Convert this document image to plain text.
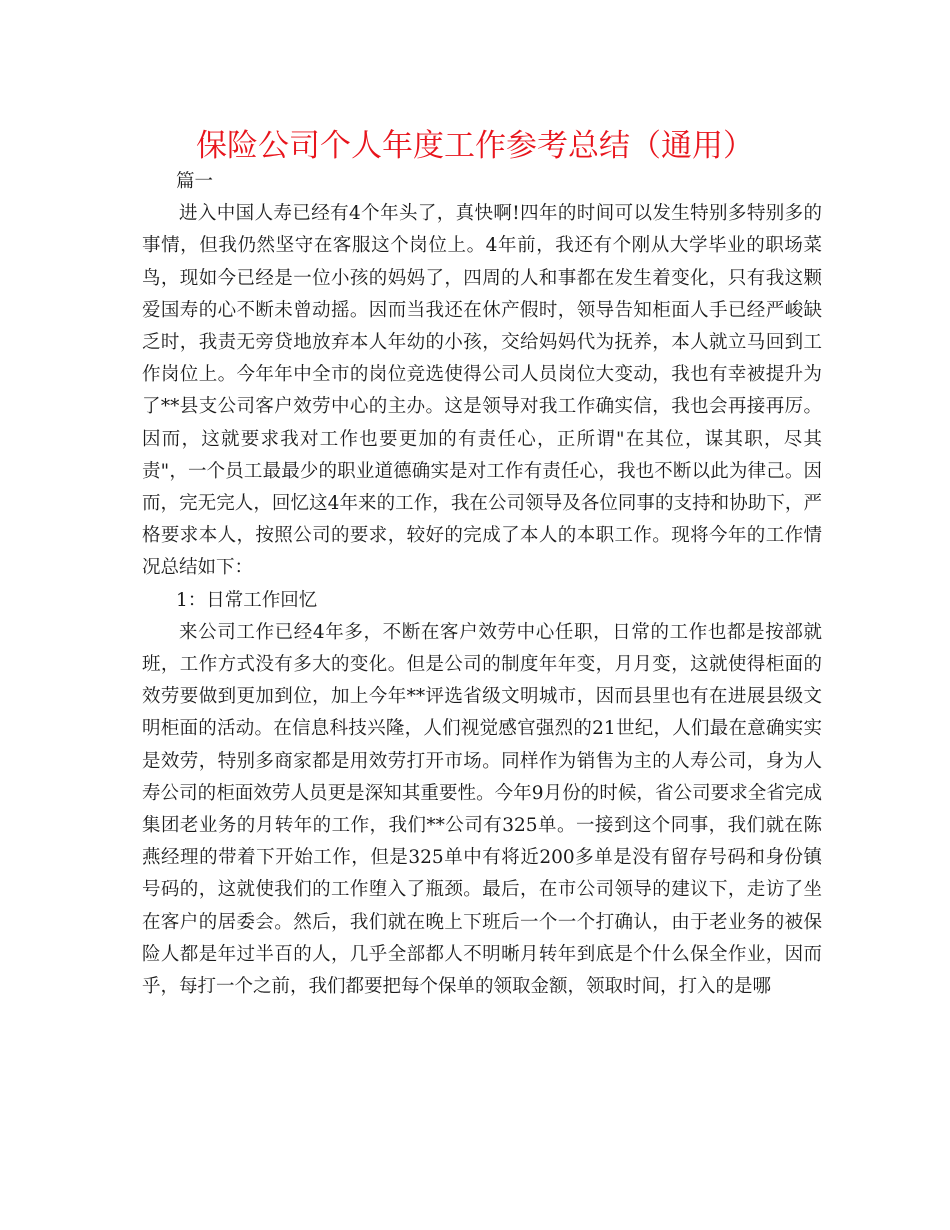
保险公司个人年度工作参考总结（通用）

篇一

进入中国人寿已经有4个年头了，真快啊!四年的时间可以发生特别多特别多的事情，但我仍然坚守在客服这个岗位上。4年前，我还有个刚从大学毕业的职场菜鸟，现如今已经是一位小孩的妈妈了，四周的人和事都在发生着变化，只有我这颗爱国寿的心不断未曾动摇。因而当我还在休产假时，领导告知柜面人手已经严峻缺乏时，我责无旁贷地放弃本人年幼的小孩，交给妈妈代为抚养，本人就立马回到工作岗位上。今年年中全市的岗位竞选使得公司人员岗位大变动，我也有幸被提升为了**县支公司客户效劳中心的主办。这是领导对我工作确实信，我也会再接再厉。因而，这就要求我对工作也要更加的有责任心，正所谓"在其位，谋其职，尽其责"，一个员工最最少的职业道德确实是对工作有责任心，我也不断以此为律己。因而，完无完人，回忆这4年来的工作，我在公司领导及各位同事的支持和协助下，严格要求本人，按照公司的要求，较好的完成了本人的本职工作。现将今年的工作情况总结如下：

1：日常工作回忆

来公司工作已经4年多，不断在客户效劳中心任职，日常的工作也都是按部就班，工作方式没有多大的变化。但是公司的制度年年变，月月变，这就使得柜面的效劳要做到更加到位，加上今年**评选省级文明城市，因而县里也有在进展县级文明柜面的活动。在信息科技兴隆，人们视觉感官强烈的21世纪，人们最在意确实实是效劳，特别多商家都是用效劳打开市场。同样作为销售为主的人寿公司，身为人寿公司的柜面效劳人员更是深知其重要性。今年9月份的时候，省公司要求全省完成集团老业务的月转年的工作，我们**公司有325单。一接到这个同事，我们就在陈燕经理的带着下开始工作，但是325单中有将近200多单是没有留存号码和身份镇号码的，这就使我们的工作堕入了瓶颈。最后，在市公司领导的建议下，走访了坐在客户的居委会。然后，我们就在晚上下班后一个一个打确认，由于老业务的被保险人都是年过半百的人，几乎全部都人不明晰月转年到底是个什么保全作业，因而乎，每打一个之前，我们都要把每个保单的领取金额，领取时间，打入的是哪
